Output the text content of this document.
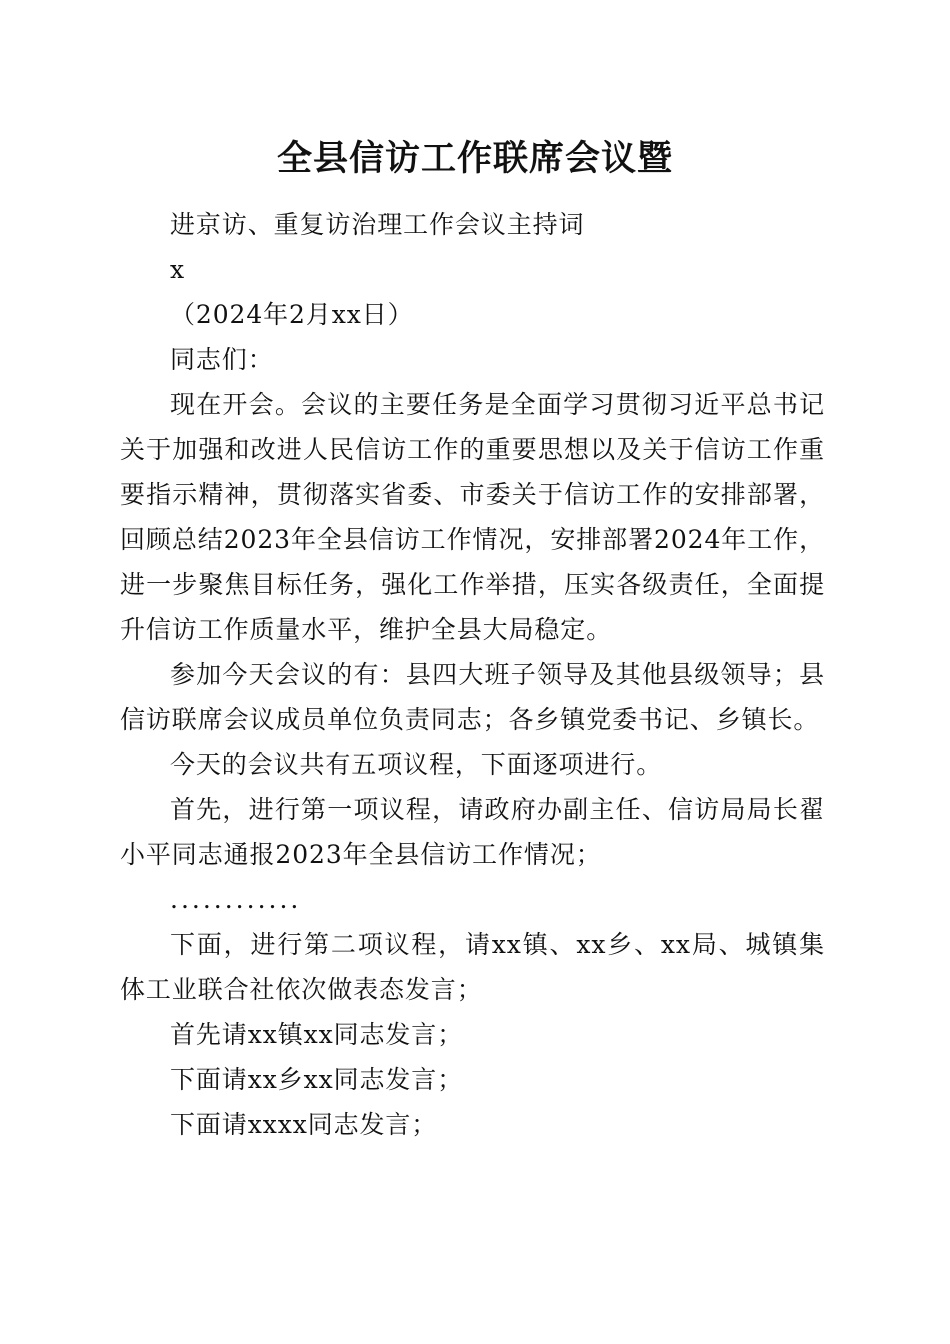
全县信访工作联席会议暨

进京访、重复访治理工作会议主持词

x

（2024年2月xx日）

同志们：

现在开会。会议的主要任务是全面学习贯彻习近平总书记关于加强和改进人民信访工作的重要思想以及关于信访工作重要指示精神，贯彻落实省委、市委关于信访工作的安排部署，回顾总结2023年全县信访工作情况，安排部署2024年工作，进一步聚焦目标任务，强化工作举措，压实各级责任，全面提升信访工作质量水平，维护全县大局稳定。

参加今天会议的有：县四大班子领导及其他县级领导；县信访联席会议成员单位负责同志；各乡镇党委书记、乡镇长。

今天的会议共有五项议程，下面逐项进行。

首先，进行第一项议程，请政府办副主任、信访局局长翟小平同志通报2023年全县信访工作情况；

............

下面，进行第二项议程，请xx镇、xx乡、xx局、城镇集体工业联合社依次做表态发言；

首先请xx镇xx同志发言；

下面请xx乡xx同志发言；

下面请xxxx同志发言；
